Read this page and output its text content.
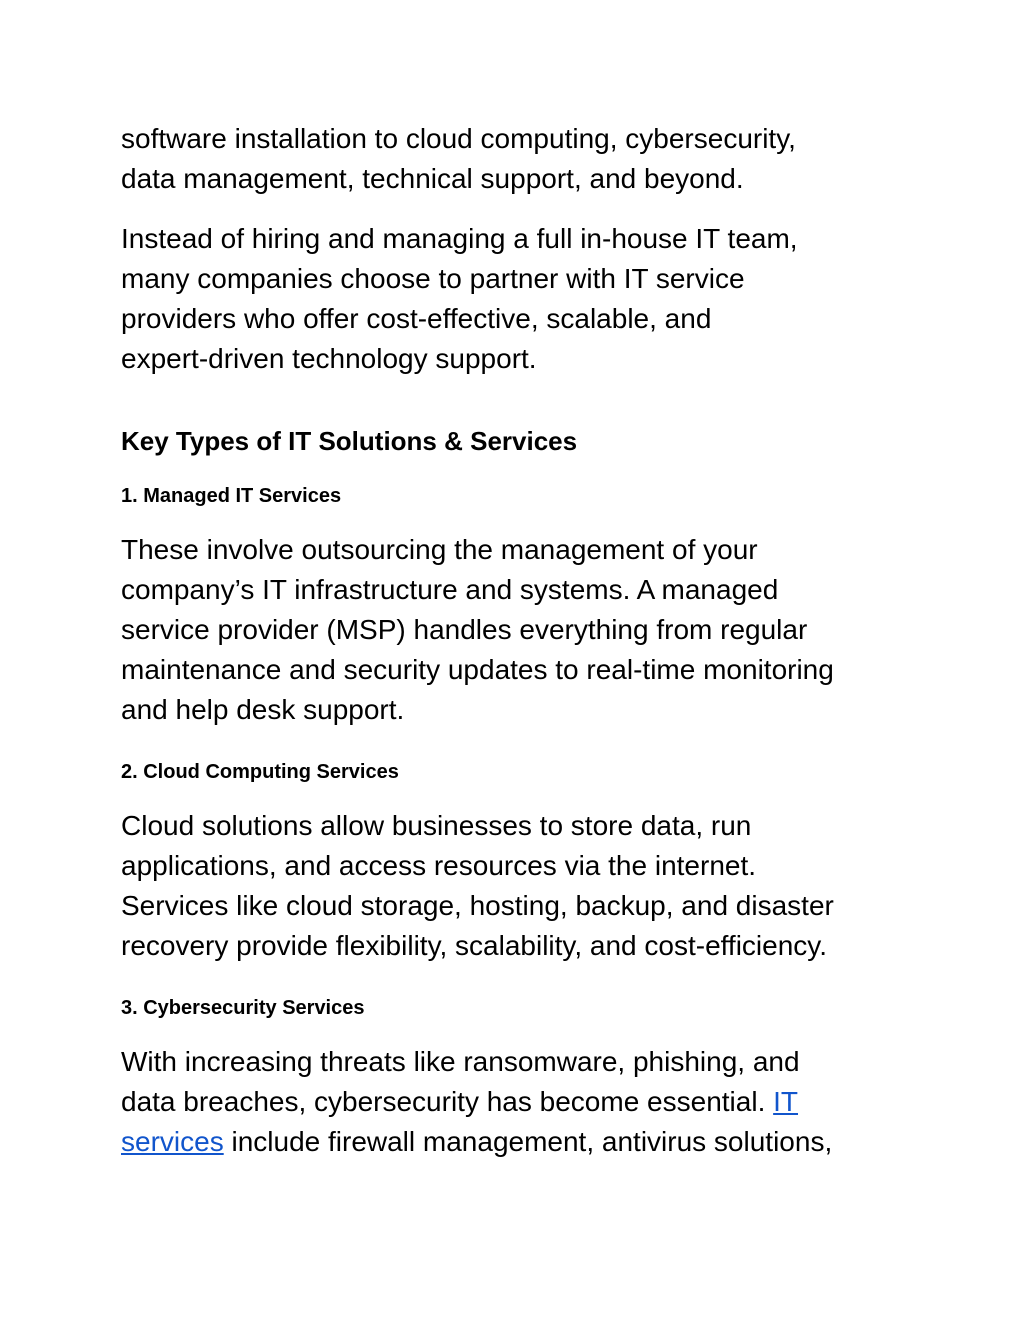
software installation to cloud computing, cybersecurity,
data management, technical support, and beyond.

Instead of hiring and managing a full in-house IT team,
many companies choose to partner with IT service
providers who offer cost-effective, scalable, and
expert-driven technology support.

Key Types of IT Solutions & Services
1. Managed IT Services

These involve outsourcing the management of your
company’s IT infrastructure and systems. A managed
service provider (MSP) handles everything from regular
maintenance and security updates to real-time monitoring
and help desk support.

2. Cloud Computing Services

Cloud solutions allow businesses to store data, run
applications, and access resources via the internet.
Services like cloud storage, hosting, backup, and disaster
recovery provide flexibility, scalability, and cost-efficiency.

3. Cybersecurity Services

With increasing threats like ransomware, phishing, and
data breaches, cybersecurity has become essential. IT
services include firewall management, antivirus solutions,
